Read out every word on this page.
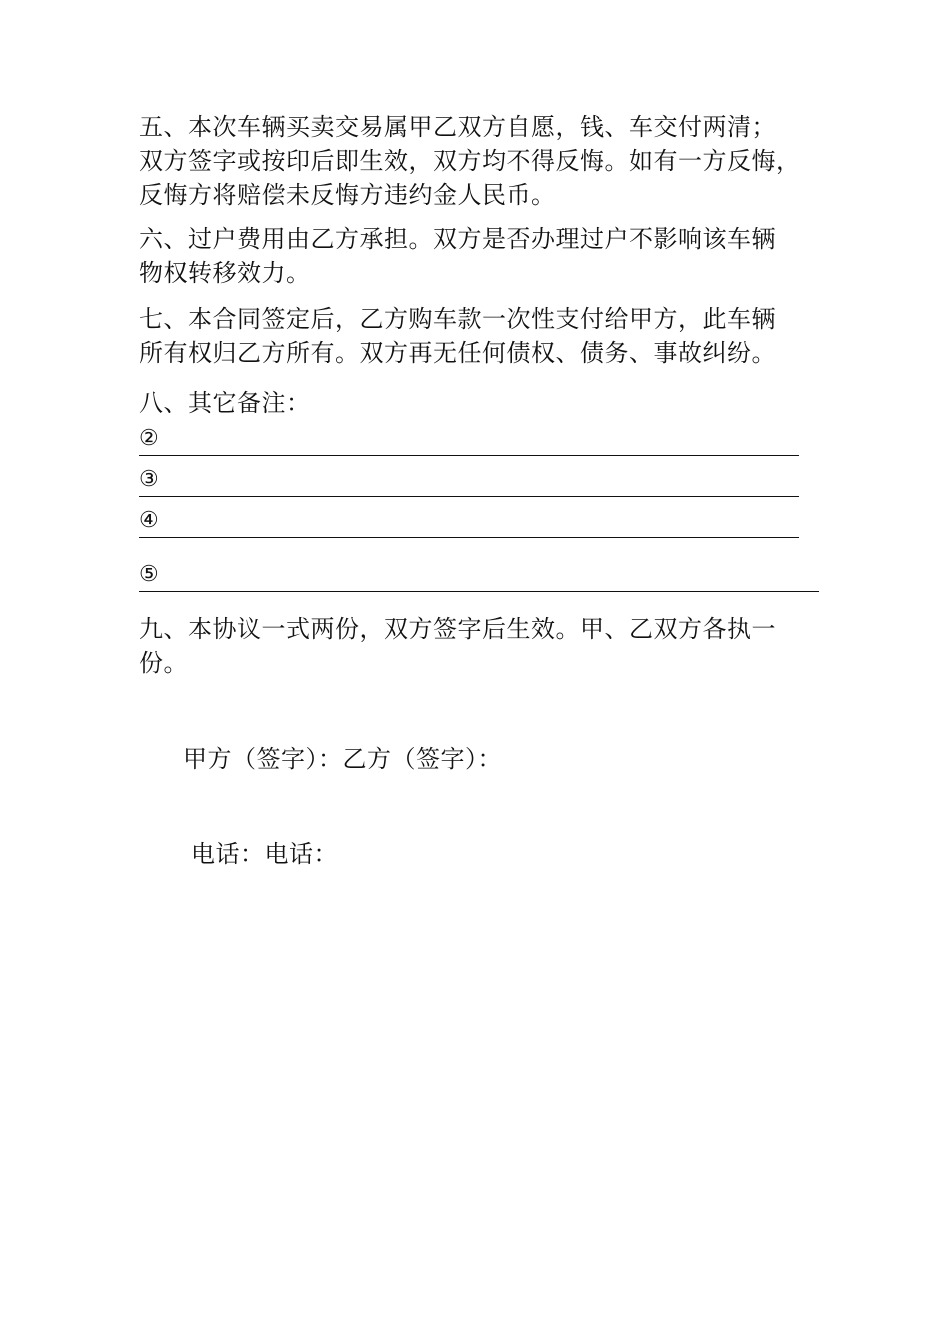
五、本次车辆买卖交易属甲乙双方自愿，钱、车交付两清；
双方签字或按印后即生效，双方均不得反悔。如有一方反悔，
反悔方将赔偿未反悔方违约金人民币。
六、过户费用由乙方承担。双方是否办理过户不影响该车辆
物权转移效力。
七、本合同签定后，乙方购车款一次性支付给甲方，此车辆
所有权归乙方所有。双方再无任何债权、债务、事故纠纷。
八、其它备注：
②
③
④
⑤
九、本协议一式两份，双方签字后生效。甲、乙双方各执一
份。
甲方（签字）：乙方（签字）：
电话：电话：
